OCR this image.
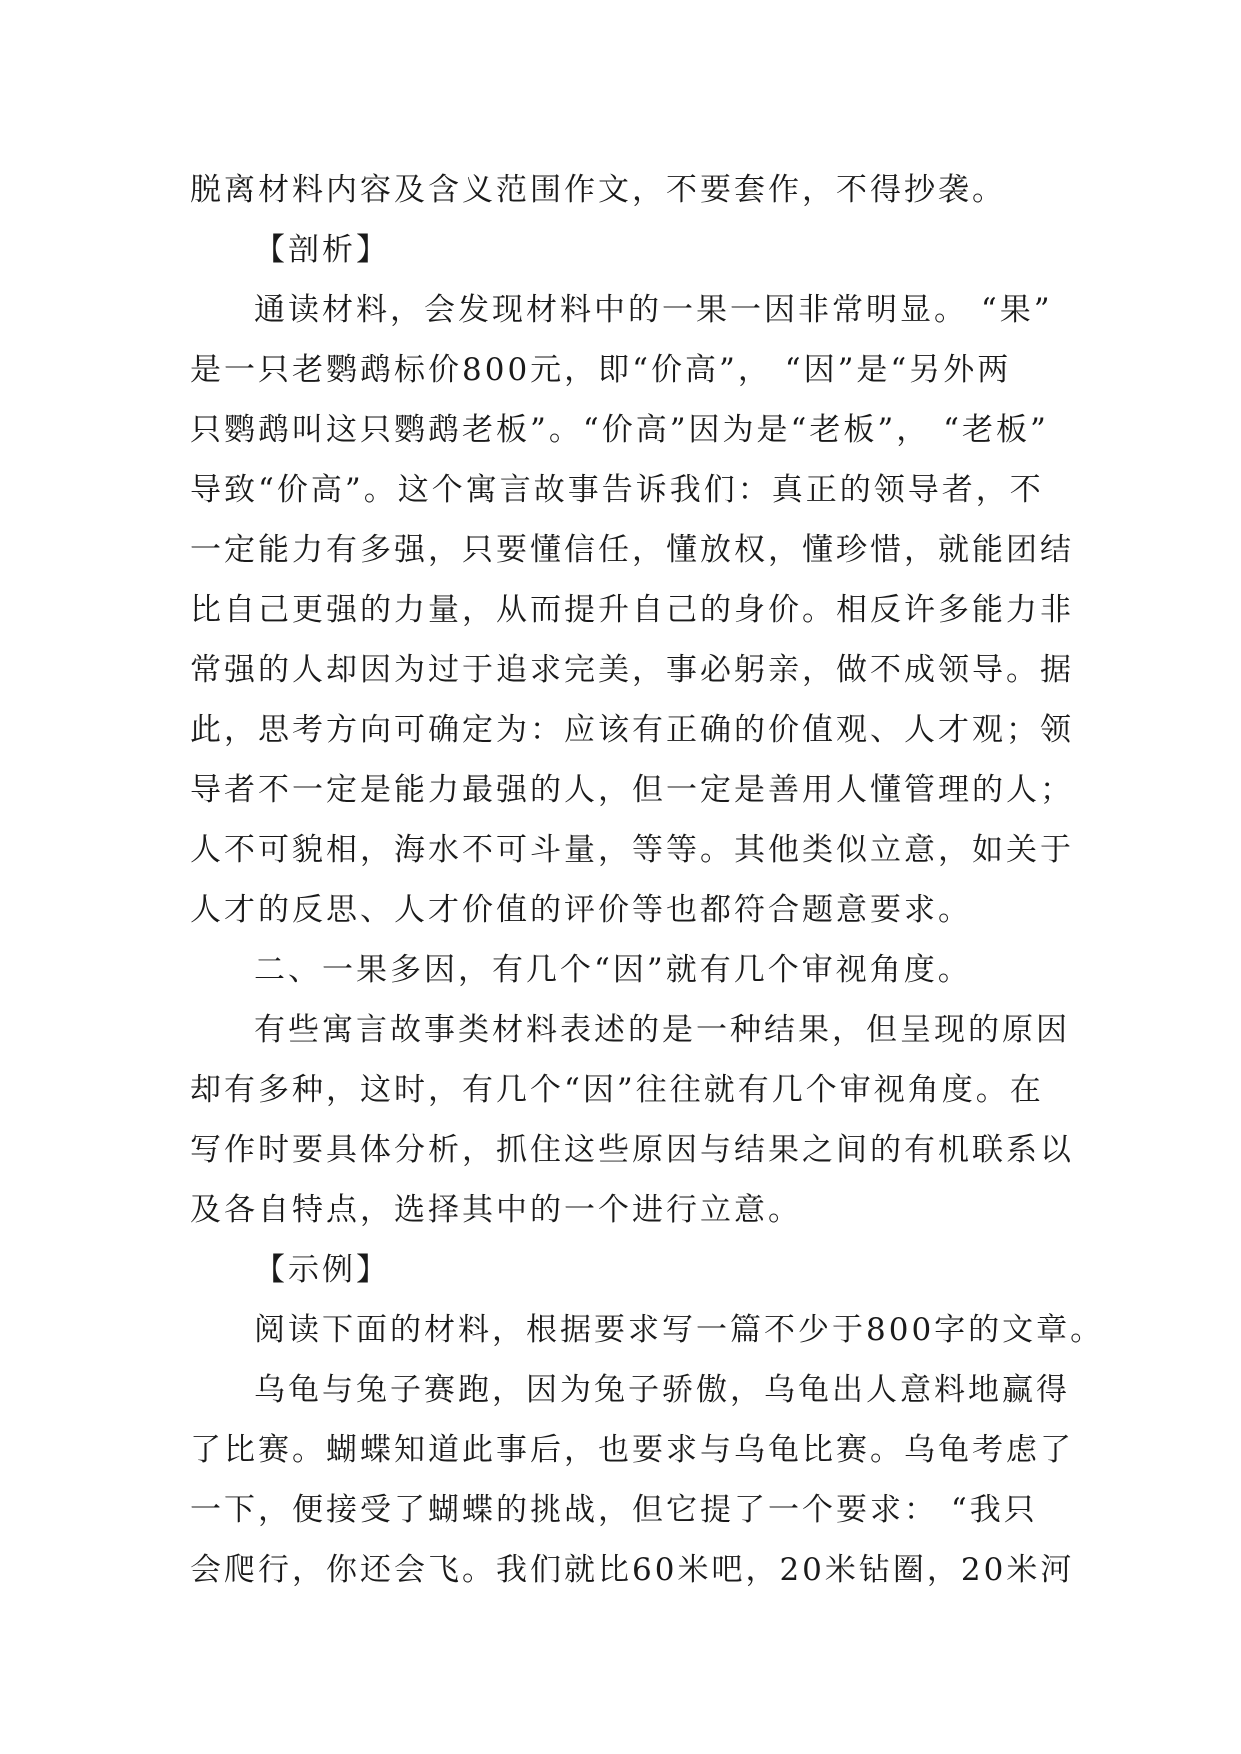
脱离材料内容及含义范围作文，不要套作，不得抄袭。
【剖析】
通读材料，会发现材料中的一果一因非常明显。 “果”
是一只老鹦鹉标价800元，即“价高”， “因”是“另外两
只鹦鹉叫这只鹦鹉老板”。“价高”因为是“老板”， “老板”
导致“价高”。这个寓言故事告诉我们：真正的领导者，不
一定能力有多强，只要懂信任，懂放权，懂珍惜，就能团结
比自己更强的力量，从而提升自己的身价。相反许多能力非
常强的人却因为过于追求完美，事必躬亲，做不成领导。据
此，思考方向可确定为：应该有正确的价值观、人才观；领
导者不一定是能力最强的人，但一定是善用人懂管理的人；
人不可貌相，海水不可斗量，等等。其他类似立意，如关于
人才的反思、人才价值的评价等也都符合题意要求。
二、一果多因，有几个“因”就有几个审视角度。
有些寓言故事类材料表述的是一种结果，但呈现的原因
却有多种，这时，有几个“因”往往就有几个审视角度。在
写作时要具体分析，抓住这些原因与结果之间的有机联系以
及各自特点，选择其中的一个进行立意。
【示例】
阅读下面的材料，根据要求写一篇不少于800字的文章。
乌龟与兔子赛跑，因为兔子骄傲，乌龟出人意料地赢得
了比赛。蝴蝶知道此事后，也要求与乌龟比赛。乌龟考虑了
一下，便接受了蝴蝶的挑战，但它提了一个要求： “我只
会爬行，你还会飞。我们就比60米吧，20米钻圈，20米河
